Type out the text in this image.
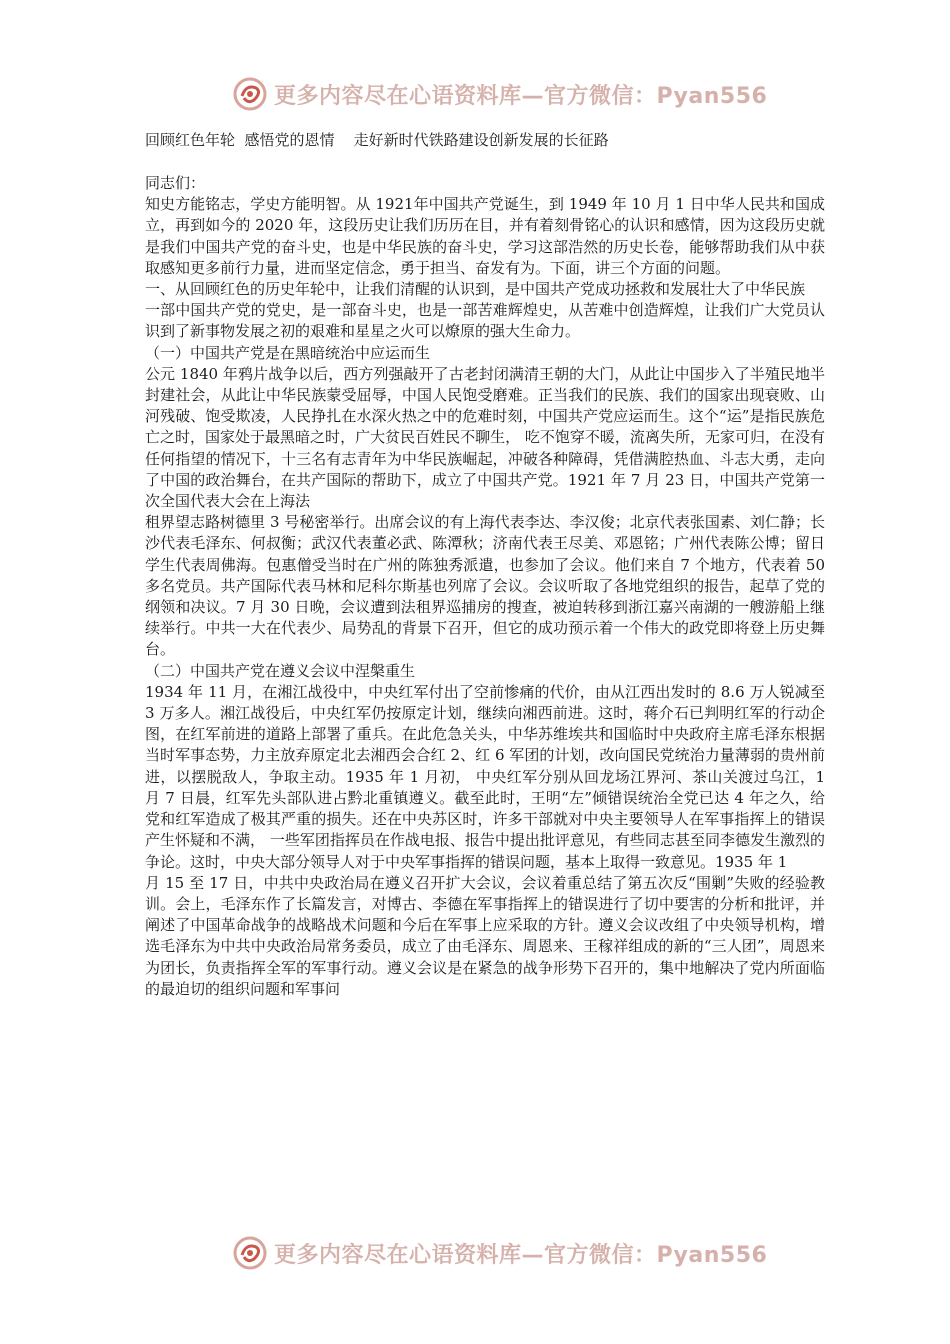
更多内容尽在心语资料库—官方微信：Pyan556

回顾红色年轮  感悟党的恩情    走好新时代铁路建设创新发展的长征路

同志们：

知史方能铭志，学史方能明智。从 1921年中国共产党诞生，到 1949 年 10 月 1 日中华人民共和国成立，再到如今的 2020 年，这段历史让我们历历在目，并有着刻骨铭心的认识和感情，因为这段历史就是我们中国共产党的奋斗史，也是中华民族的奋斗史，学习这部浩然的历史长卷，能够帮助我们从中获取感知更多前行力量，进而坚定信念，勇于担当、奋发有为。下面，讲三个方面的问题。

一、从回顾红色的历史年轮中，让我们清醒的认识到，是中国共产党成功拯救和发展壮大了中华民族

一部中国共产党的党史，是一部奋斗史，也是一部苦难辉煌史，从苦难中创造辉煌，让我们广大党员认识到了新事物发展之初的艰难和星星之火可以燎原的强大生命力。

（一）中国共产党是在黑暗统治中应运而生

公元 1840 年鸦片战争以后，西方列强敲开了古老封闭满清王朝的大门，从此让中国步入了半殖民地半封建社会，从此让中华民族蒙受屈辱，中国人民饱受磨难。正当我们的民族、我们的国家出现衰败、山河残破、饱受欺凌，人民挣扎在水深火热之中的危难时刻，中国共产党应运而生。这个“运”是指民族危亡之时，国家处于最黑暗之时，广大贫民百姓民不聊生， 吃不饱穿不暖，流离失所，无家可归，在没有任何指望的情况下，十三名有志青年为中华民族崛起，冲破各种障碍，凭借满腔热血、斗志大勇，走向了中国的政治舞台，在共产国际的帮助下，成立了中国共产党。1921 年 7 月 23 日，中国共产党第一次全国代表大会在上海法

租界望志路树德里 3 号秘密举行。出席会议的有上海代表李达、李汉俊；北京代表张国素、刘仁静；长沙代表毛泽东、何叔衡；武汉代表董必武、陈潭秋；济南代表王尽美、邓恩铭；广州代表陈公博；留日学生代表周佛海。包惠僧受当时在广州的陈独秀派遣，也参加了会议。他们来自 7 个地方，代表着 50 多名党员。共产国际代表马林和尼科尔斯基也列席了会议。会议听取了各地党组织的报告，起草了党的纲领和决议。7 月 30 日晚，会议遭到法租界巡捕房的搜查，被迫转移到浙江嘉兴南湖的一艘游船上继续举行。中共一大在代表少、局势乱的背景下召开，但它的成功预示着一个伟大的政党即将登上历史舞台。

（二）中国共产党在遵义会议中涅槃重生

1934 年 11 月，在湘江战役中，中央红军付出了空前惨痛的代价，由从江西出发时的 8.6 万人锐减至 3 万多人。湘江战役后，中央红军仍按原定计划，继续向湘西前进。这时，蒋介石已判明红军的行动企图，在红军前进的道路上部署了重兵。在此危急关头，中华苏维埃共和国临时中央政府主席毛泽东根据当时军事态势，力主放弃原定北去湘西会合红 2、红 6 军团的计划，改向国民党统治力量薄弱的贵州前进，以摆脱敌人，争取主动。1935 年 1 月初， 中央红军分别从回龙场江界河、茶山关渡过乌江，1 月 7 日晨，红军先头部队进占黔北重镇遵义。截至此时，王明“左”倾错误统治全党已达 4 年之久，给党和红军造成了极其严重的损失。还在中央苏区时，许多干部就对中央主要领导人在军事指挥上的错误产生怀疑和不满， 一些军团指挥员在作战电报、报告中提出批评意见，有些同志甚至同李德发生激烈的争论。这时，中央大部分领导人对于中央军事指挥的错误问题，基本上取得一致意见。1935 年 1

月 15 至 17 日，中共中央政治局在遵义召开扩大会议，会议着重总结了第五次反“围剿”失败的经验教训。会上，毛泽东作了长篇发言，对博古、李德在军事指挥上的错误进行了切中要害的分析和批评，并阐述了中国革命战争的战略战术问题和今后在军事上应采取的方针。遵义会议改组了中央领导机构，增选毛泽东为中共中央政治局常务委员，成立了由毛泽东、周恩来、王稼祥组成的新的“三人团”，周恩来为团长，负责指挥全军的军事行动。遵义会议是在紧急的战争形势下召开的，集中地解决了党内所面临的最迫切的组织问题和军事问

更多内容尽在心语资料库—官方微信：Pyan556
